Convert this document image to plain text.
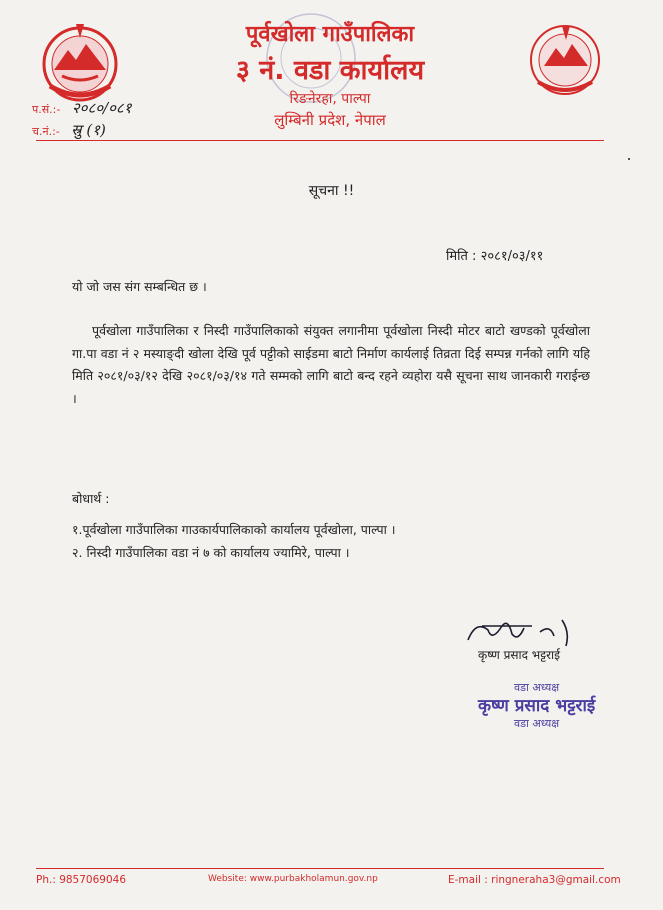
पूर्वखोला गाउँपालिका
३ नं. वडा कार्यालय
रिङनेरहा, पाल्पा
लुम्बिनी प्रदेश, नेपाल
प.सं.:- २०८०/०८१
च.नं.:- स्रु (१)
सूचना !!
मिति : २०८१/०३/११
यो जो जस संग सम्बन्धित छ ।
पूर्वखोला गाउँपालिका र निस्दी गाउँपालिकाको संयुक्त लगानीमा पूर्वखोला निस्दी मोटर बाटो खण्डको पूर्वखोला गा.पा वडा नं २ मस्याङ्दी खोला देखि पूर्व पट्टीको साईडमा बाटो निर्माण कार्यलाई तिव्रता दिई सम्पन्न गर्नको लागि यहि मिति २०८१/०३/१२ देखि २०८१/०३/१४ गते सम्मको लागि बाटो बन्द रहने व्यहोरा यसै सूचना साथ जानकारी गराईन्छ ।
बोधार्थ :
१.पूर्वखोला गाउँपालिका गाउकार्यपालिकाको कार्यालय पूर्वखोला, पाल्पा ।
२. निस्दी गाउँपालिका वडा नं ७ को कार्यालय ज्यामिरे, पाल्पा ।
कृष्ण प्रसाद भट्टराई
वडा अध्यक्ष
कृष्ण प्रसाद भट्टराई
वडा अध्यक्ष
Ph.: 9857069046	Website: www.purbakholamun.gov.np	E-mail : ringneraha3@gmail.com
